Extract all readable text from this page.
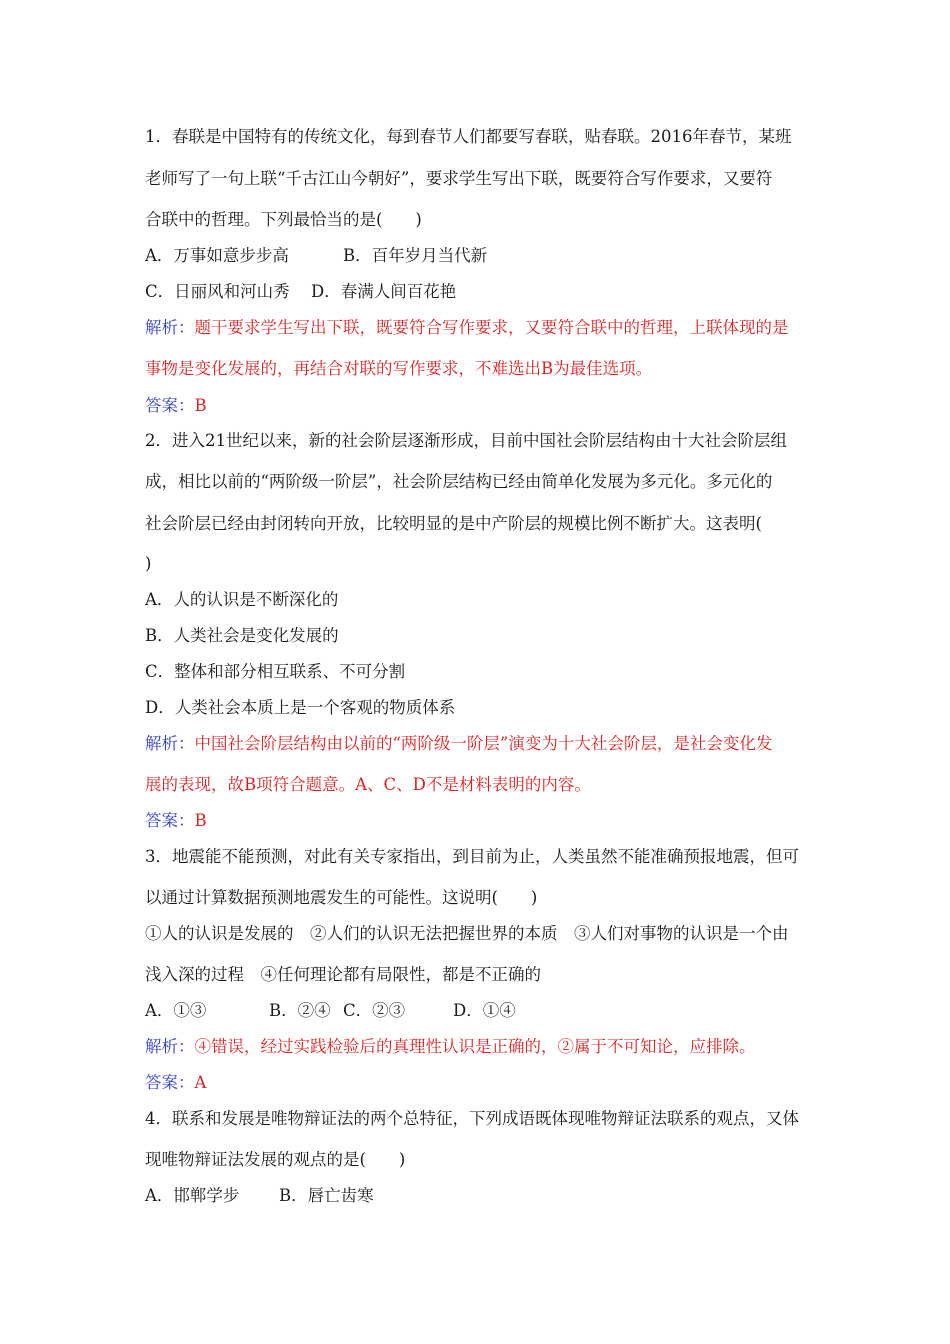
1．春联是中国特有的传统文化，每到春节人们都要写春联，贴春联。2016年春节，某班
老师写了一句上联“千古江山今朝好”，要求学生写出下联，既要符合写作要求，又要符
合联中的哲理。下列最恰当的是(　　)
A．万事如意步步高	B．百年岁月当代新
C．日丽风和河山秀 D．春满人间百花艳
解析：题干要求学生写出下联，既要符合写作要求，又要符合联中的哲理，上联体现的是
事物是变化发展的，再结合对联的写作要求，不难选出B为最佳选项。
答案：B
2．进入21世纪以来，新的社会阶层逐渐形成，目前中国社会阶层结构由十大社会阶层组
成，相比以前的“两阶级一阶层”，社会阶层结构已经由简单化发展为多元化。多元化的
社会阶层已经由封闭转向开放，比较明显的是中产阶层的规模比例不断扩大。这表明(
)
A．人的认识是不断深化的
B．人类社会是变化发展的
C．整体和部分相互联系、不可分割
D．人类社会本质上是一个客观的物质体系
解析：中国社会阶层结构由以前的“两阶级一阶层”演变为十大社会阶层，是社会变化发
展的表现，故B项符合题意。A、C、D不是材料表明的内容。
答案：B
3．地震能不能预测，对此有关专家指出，到目前为止，人类虽然不能准确预报地震，但可
以通过计算数据预测地震发生的可能性。这说明(　　)
①人的认识是发展的　②人们的认识无法把握世界的本质　③人们对事物的认识是一个由
浅入深的过程　④任何理论都有局限性，都是不正确的
A．①③	B．②④ C．②③	D．①④
解析：④错误，经过实践检验后的真理性认识是正确的，②属于不可知论，应排除。
答案：A
4．联系和发展是唯物辩证法的两个总特征，下列成语既体现唯物辩证法联系的观点，又体
现唯物辩证法发展的观点的是(　　)
A．邯郸学步 B．唇亡齿寒
